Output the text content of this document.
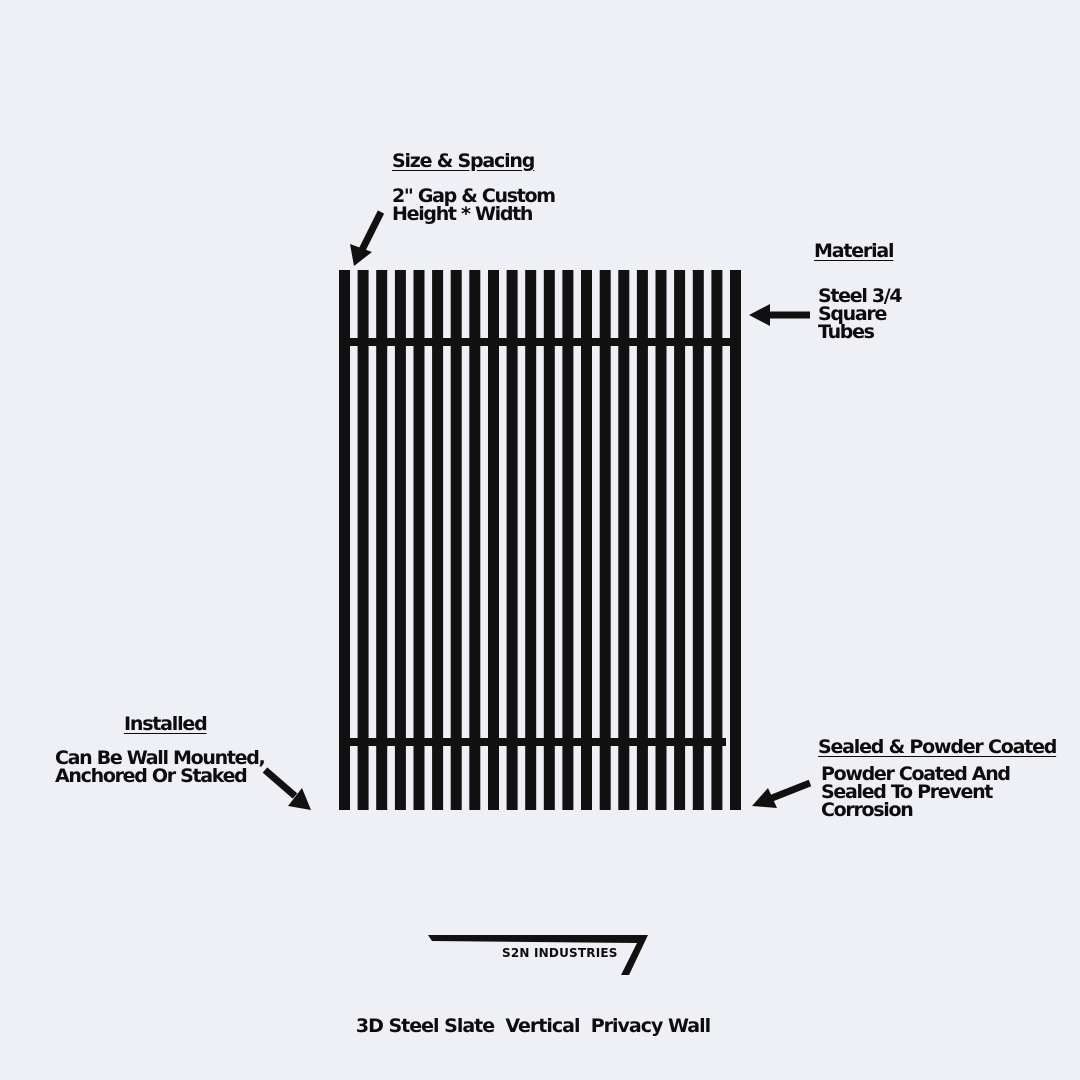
Size & Spacing
2" Gap & Custom
Height * Width
Material
Steel 3/4
Square
Tubes
Installed
Can Be Wall Mounted,
Anchored Or Staked
Sealed & Powder Coated
Powder Coated And
Sealed To Prevent
Corrosion
S2N INDUSTRIES
3D Steel Slate  Vertical  Privacy Wall
